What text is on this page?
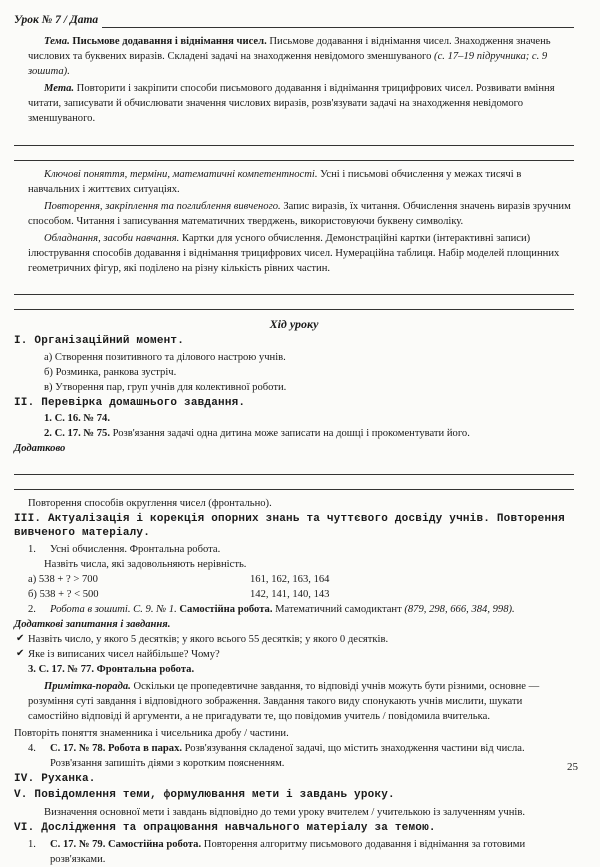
Урок № 7 / Дата
Тема. Письмове додавання і віднімання чисел. Письмове додавання і віднімання чисел. Знаходження значень числових та буквених виразів. Складені задачі на знаходження невідомого зменшуваного (с. 17–19 підручника; с. 9 зошита).
Мета. Повторити і закріпити способи письмового додавання і віднімання трицифрових чисел. Розвивати вміння читати, записувати й обчислювати значення числових виразів, розв'язувати задачі на знаходження невідомого зменшуваного.
Ключові поняття, терміни, математичні компетентності. Усні і письмові обчислення у межах тисячі в навчальних і життєвих ситуаціях.
Повторення, закріплення та поглиблення вивченого. Запис виразів, їх читання. Обчислення значень виразів зручним способом. Читання і записування математичних тверджень, використовуючи буквену символіку.
Обладнання, засоби навчання. Картки для усного обчислення. Демонстраційні картки (інтерактивні записи) ілюстрування способів додавання і віднімання трицифрових чисел. Нумераційна таблиця. Набір моделей площинних геометричних фігур, які поділено на різну кількість рівних частин.
Хід уроку
I. Організаційний момент.
а) Створення позитивного та ділового настрою учнів.
б) Розминка, ранкова зустріч.
в) Утворення пар, груп учнів для колективної роботи.
II. Перевірка домашнього завдання.
1. С. 16. № 74.
2. С. 17. № 75. Розв'язання задачі одна дитина може записати на дошці і прокоментувати його.
Додатково
Повторення способів округлення чисел (фронтально).
III. Актуалізація і корекція опорних знань та чуттєвого досвіду учнів. Повторення вивченого матеріалу.
1.	Усні обчислення. Фронтальна робота.
Назвіть числа, які задовольняють нерівність.
а) 538 + ? > 700	161, 162, 163, 164
б) 538 + ? < 500	142, 141, 140, 143
2.	Робота в зошиті. С. 9. № 1. Самостійна робота. Математичний самодиктант (879, 298, 666, 384, 998).
Додаткові запитання і завдання.
✔ Назвіть число, у якого 5 десятків; у якого всього 55 десятків; у якого 0 десятків.
✔ Яке із виписаних чисел найбільше? Чому?
3. С. 17. № 77. Фронтальна робота.
Примітка-порада. Оскільки це пропедевтичне завдання, то відповіді учнів можуть бути різними, основне — розуміння суті завдання і відповідного зображення. Завдання такого виду спонукають учнів мислити, шукати самостійно відповіді й аргументи, а не пригадувати те, що повідомив учитель / повідомила вчителька.
Повторіть поняття знаменника і чисельника дробу / частини.
4.	С. 17. № 78. Робота в парах. Розв'язування складеної задачі, що містить знаходження частини від числа. Розв'язання запишіть діями з коротким поясненням.
IV. Руханка.
V. Повідомлення теми, формулювання мети і завдань уроку.
Визначення основної мети і завдань відповідно до теми уроку вчителем / учителькою із залученням учнів.
VI. Дослідження та опрацювання навчального матеріалу за темою.
1.	С. 17. № 79. Самостійна робота. Повторення алгоритму письмового додавання і віднімання за готовими розв'язками.
25
